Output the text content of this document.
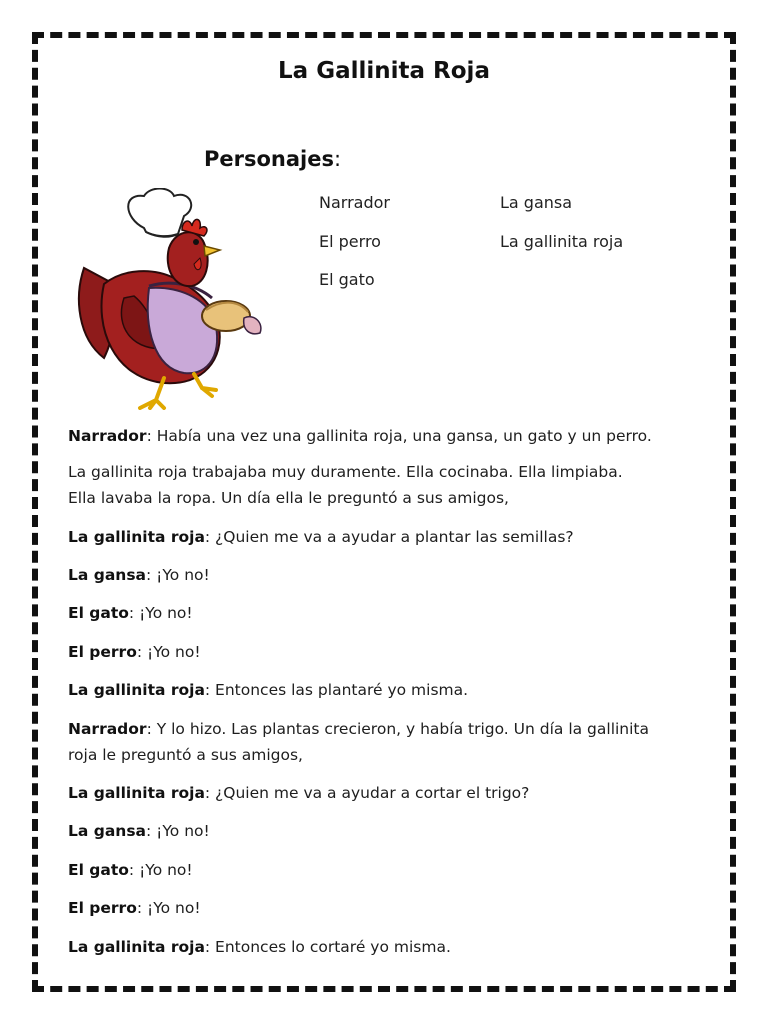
La Gallinita Roja
Personajes:
Narrador	La gansa
El perro	La gallinita roja
El gato
Narrador: Había una vez una gallinita roja, una gansa, un gato y un perro.
La gallinita roja trabajaba muy duramente. Ella cocinaba. Ella limpiaba.
Ella lavaba la ropa. Un día ella le preguntó a sus amigos,
La gallinita roja: ¿Quien me va a ayudar a plantar las semillas?
La gansa: ¡Yo no!
El gato: ¡Yo no!
El perro: ¡Yo no!
La gallinita roja: Entonces las plantaré yo misma.
Narrador: Y lo hizo. Las plantas crecieron, y había trigo. Un día la gallinita
roja le preguntó a sus amigos,
La gallinita roja: ¿Quien me va a ayudar a cortar el trigo?
La gansa: ¡Yo no!
El gato: ¡Yo no!
El perro: ¡Yo no!
La gallinita roja: Entonces lo cortaré yo misma.
